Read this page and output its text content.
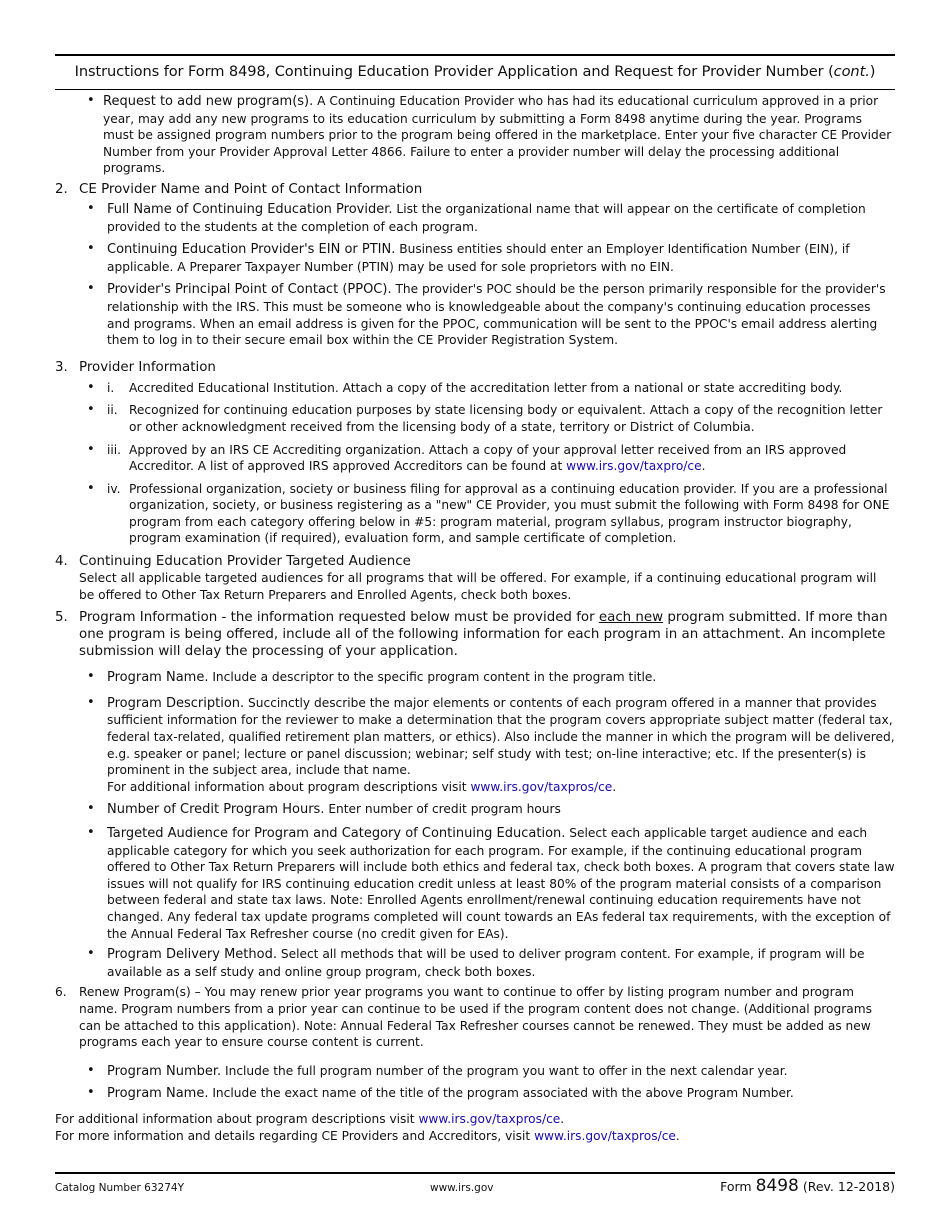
Instructions for Form 8498, Continuing Education Provider Application and Request for Provider Number (cont.)
• Request to add new program(s). A Continuing Education Provider who has had its educational curriculum approved in a prior year, may add any new programs to its education curriculum by submitting a Form 8498 anytime during the year. Programs must be assigned program numbers prior to the program being offered in the marketplace. Enter your five character CE Provider Number from your Provider Approval Letter 4866. Failure to enter a provider number will delay the processing additional programs.
2. CE Provider Name and Point of Contact Information
• Full Name of Continuing Education Provider. List the organizational name that will appear on the certificate of completion provided to the students at the completion of each program.
• Continuing Education Provider's EIN or PTIN. Business entities should enter an Employer Identification Number (EIN), if applicable. A Preparer Taxpayer Number (PTIN) may be used for sole proprietors with no EIN.
• Provider's Principal Point of Contact (PPOC). The provider's POC should be the person primarily responsible for the provider's relationship with the IRS. This must be someone who is knowledgeable about the company's continuing education processes and programs. When an email address is given for the PPOC, communication will be sent to the PPOC's email address alerting them to log in to their secure email box within the CE Provider Registration System.
3. Provider Information
• i. Accredited Educational Institution. Attach a copy of the accreditation letter from a national or state accrediting body.
• ii. Recognized for continuing education purposes by state licensing body or equivalent. Attach a copy of the recognition letter or other acknowledgment received from the licensing body of a state, territory or District of Columbia.
• iii. Approved by an IRS CE Accrediting organization. Attach a copy of your approval letter received from an IRS approved Accreditor. A list of approved IRS approved Accreditors can be found at www.irs.gov/taxpro/ce.
• iv. Professional organization, society or business filing for approval as a continuing education provider. If you are a professional organization, society, or business registering as a "new" CE Provider, you must submit the following with Form 8498 for ONE program from each category offering below in #5: program material, program syllabus, program instructor biography, program examination (if required), evaluation form, and sample certificate of completion.
4. Continuing Education Provider Targeted Audience
Select all applicable targeted audiences for all programs that will be offered. For example, if a continuing educational program will be offered to Other Tax Return Preparers and Enrolled Agents, check both boxes.
5. Program Information - the information requested below must be provided for each new program submitted. If more than one program is being offered, include all of the following information for each program in an attachment. An incomplete submission will delay the processing of your application.
• Program Name. Include a descriptor to the specific program content in the program title.
• Program Description. Succinctly describe the major elements or contents of each program offered in a manner that provides sufficient information for the reviewer to make a determination that the program covers appropriate subject matter (federal tax, federal tax-related, qualified retirement plan matters, or ethics). Also include the manner in which the program will be delivered, e.g. speaker or panel; lecture or panel discussion; webinar; self study with test; on-line interactive; etc. If the presenter(s) is prominent in the subject area, include that name.
For additional information about program descriptions visit www.irs.gov/taxpros/ce.
• Number of Credit Program Hours. Enter number of credit program hours
• Targeted Audience for Program and Category of Continuing Education. Select each applicable target audience and each applicable category for which you seek authorization for each program. For example, if the continuing educational program offered to Other Tax Return Preparers will include both ethics and federal tax, check both boxes. A program that covers state law issues will not qualify for IRS continuing education credit unless at least 80% of the program material consists of a comparison between federal and state tax laws. Note: Enrolled Agents enrollment/renewal continuing education requirements have not changed. Any federal tax update programs completed will count towards an EAs federal tax requirements, with the exception of the Annual Federal Tax Refresher course (no credit given for EAs).
• Program Delivery Method. Select all methods that will be used to deliver program content. For example, if program will be available as a self study and online group program, check both boxes.
6. Renew Program(s) – You may renew prior year programs you want to continue to offer by listing program number and program name. Program numbers from a prior year can continue to be used if the program content does not change. (Additional programs can be attached to this application). Note: Annual Federal Tax Refresher courses cannot be renewed. They must be added as new programs each year to ensure course content is current.
• Program Number. Include the full program number of the program you want to offer in the next calendar year.
• Program Name. Include the exact name of the title of the program associated with the above Program Number.
For additional information about program descriptions visit www.irs.gov/taxpros/ce.
For more information and details regarding CE Providers and Accreditors, visit www.irs.gov/taxpros/ce.
Catalog Number 63274Y	www.irs.gov	Form 8498 (Rev. 12-2018)
